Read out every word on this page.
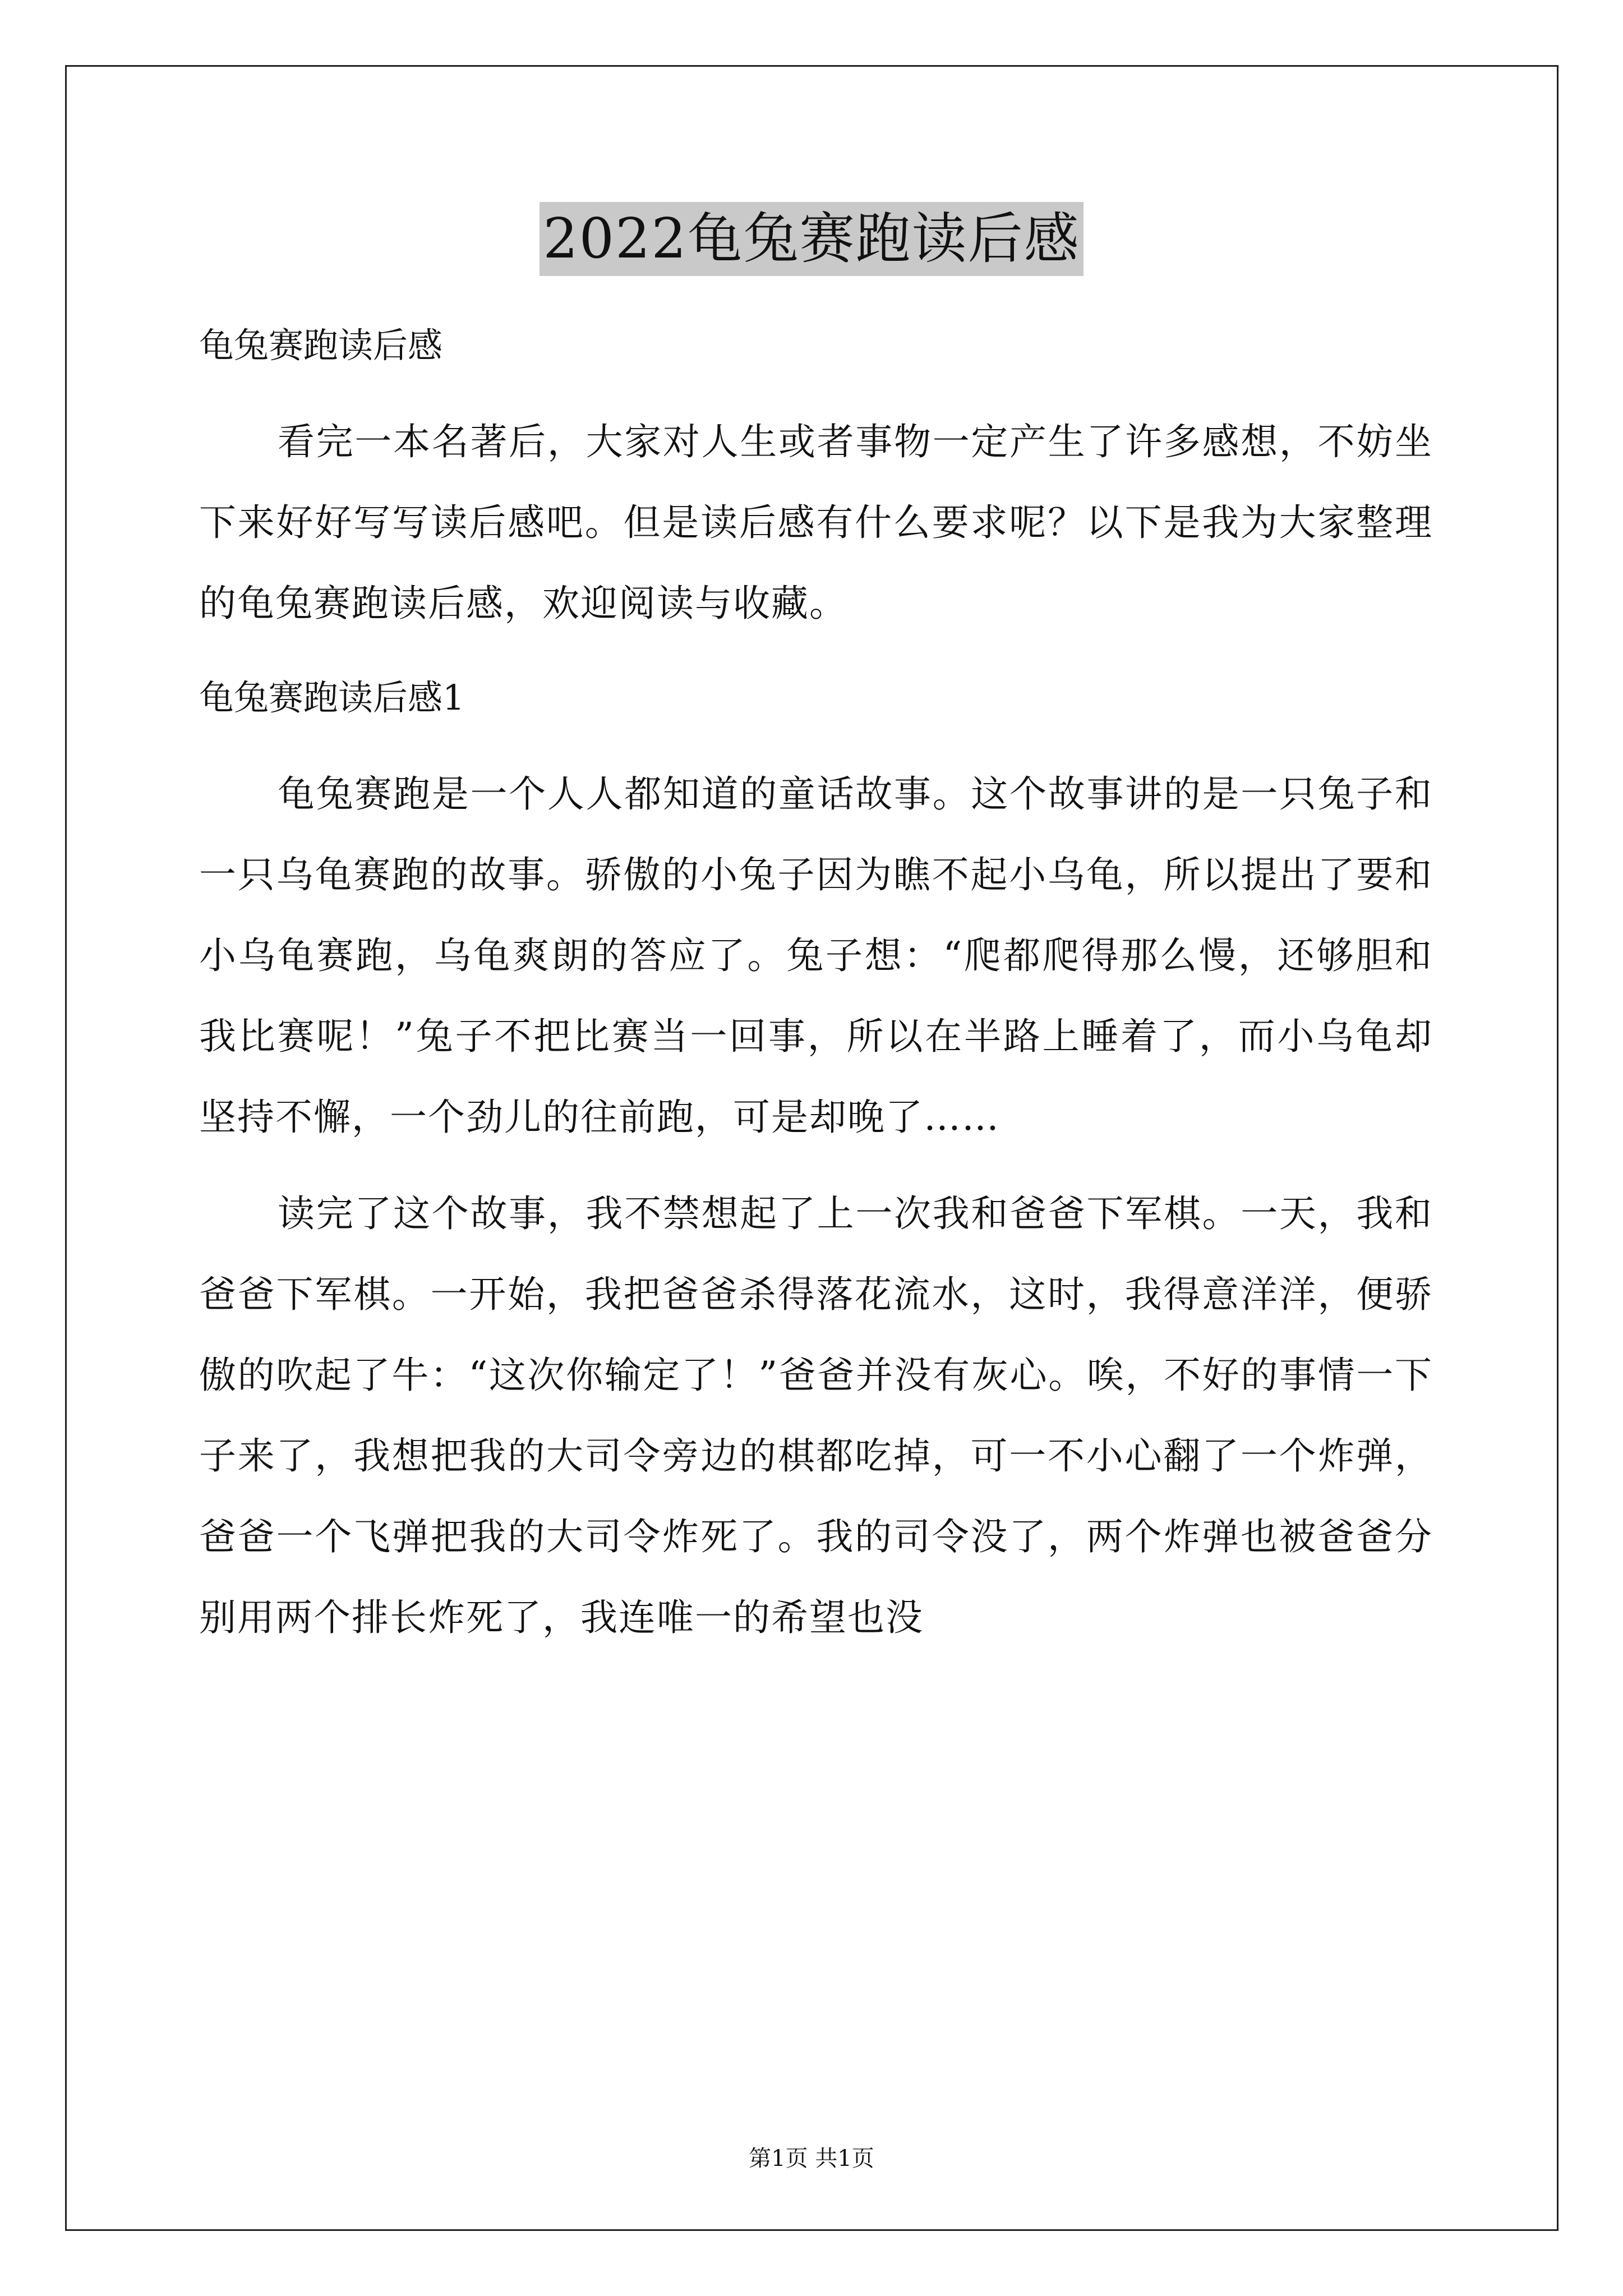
2022龟兔赛跑读后感
龟兔赛跑读后感
看完一本名著后，大家对人生或者事物一定产生了许多感想，不妨坐下来好好写写读后感吧。但是读后感有什么要求呢？以下是我为大家整理的龟兔赛跑读后感，欢迎阅读与收藏。
龟兔赛跑读后感1
龟兔赛跑是一个人人都知道的童话故事。这个故事讲的是一只兔子和一只乌龟赛跑的故事。骄傲的小兔子因为瞧不起小乌龟，所以提出了要和小乌龟赛跑，乌龟爽朗的答应了。兔子想：“爬都爬得那么慢，还够胆和我比赛呢！”兔子不把比赛当一回事，所以在半路上睡着了，而小乌龟却坚持不懈，一个劲儿的往前跑，可是却晚了……
读完了这个故事，我不禁想起了上一次我和爸爸下军棋。一天，我和爸爸下军棋。一开始，我把爸爸杀得落花流水，这时，我得意洋洋，便骄傲的吹起了牛：“这次你输定了！”爸爸并没有灰心。唉，不好的事情一下子来了，我想把我的大司令旁边的棋都吃掉，可一不小心翻了一个炸弹，爸爸一个飞弹把我的大司令炸死了。我的司令没了，两个炸弹也被爸爸分别用两个排长炸死了，我连唯一的希望也没
第1页 共1页
